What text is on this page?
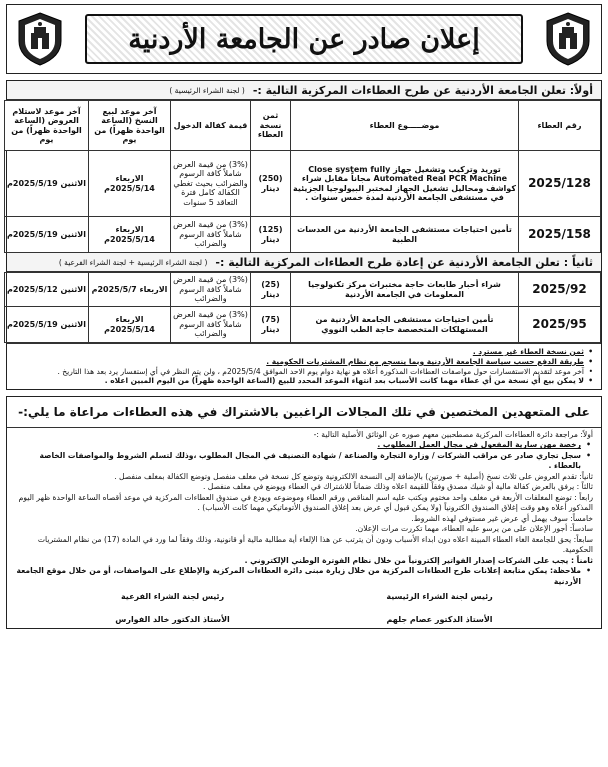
إعلان صادر عن الجامعة الأردنية
أولاً: تعلن الجامعة الأردنية عن طرح العطاءات المركزية التالية :-
( لجنة الشراء الرئيسية )
رقم العطاء	موضـــــوع العطاء	ثمن نسخة العطاء	قيمة كفالة الدخول	آخر موعد لبيع النسخ (الساعة الواحدة ظهراً) من يوم	آخر موعد لاستلام العروض (الساعة الواحدة ظهراً) من يوم
2025/128	توريد وتركيب وتشغيل جهاز Close system fully Automated Real PCR Machine مجاناً مقابل شراء كواشف ومحاليل تشغيل الجهاز لمختبر البيولوجيا الجزيئية في مستشفى الجامعة الأردنية لمدة خمس سنوات .	(250) دينار	(3%) من قيمة العرض شاملاً كافة الرسوم والضرائب بحيث تغطي الكفالة كامل فترة التعاقد 5 سنوات	الاربعاء 2025/5/14م	الاثنين 2025/5/19م
2025/158	تأمين احتياجات مستشفى الجامعة الأردنية من العدسات الطبية	(125) دينار	(3%) من قيمة العرض شاملاً كافة الرسوم والضرائب	الاربعاء 2025/5/14م	الاثنين 2025/5/19م
ثانياً : تعلن الجامعة الأردنية عن إعادة طرح العطاءات المركزية التالية :-
( لجنة الشراء الرئيسية + لجنة الشراء الفرعية )
2025/92	شراء أحبار طابعات حاجة مختبرات مركز تكنولوجيا المعلومات في الجامعة الأردنية	(25) دينار	(3%) من قيمة العرض شاملاً كافة الرسوم والضرائب	الاربعاء 2025/5/7م	الاثنين 2025/5/12م
2025/95	تأمين احتياجات مستشفى الجامعة الأردنية من المستهلكات المتخصصة حاجة الطب النووي	(75) دينار	(3%) من قيمة العرض شاملاً كافة الرسوم والضرائب	الاربعاء 2025/5/14م	الاثنين 2025/5/19م
• ثمن نسخة العطاء غير مسترد .
• طريقة الدفع حسب سياسة الجامعة الأردنية وبما ينسجم مع نظام المشتريات الحكومية .
• آخر موعد لتقديم الاستفسارات حول مواصفات العطاءات المذكورة أعلاه هو نهاية دوام يوم الاحد الموافق 2025/5/4م ، ولن يتم النظر في أي إستفسار يرد بعد هذا التاريخ .
• لا يمكن بيع أي نسخة من أي عطاء مهما كانت الأسباب بعد انتهاء الموعد المحدد للبيع (الساعة الواحدة ظهراً) من اليوم المبين اعلاه .
على المتعهدين المختصين في تلك المجالات الراغبين بالاشتراك في هذه العطاءات مراعاة ما يلي:-

أولاً: مراجعة دائرة العطاءات المركزية مصطحبين معهم صوره عن الوثائق الأصلية التالية :-

• رخصة مهن سارية المفعول في مجال العمل المطلوب .

• سجل تجاري صادر عن مراقب الشركات / وزارة التجارة والصناعة / شهادة التصنيف في المجال المطلوب ،وذلك لتسلم الشروط والمواصفات الخاصة بالعطاء .

ثانياً: تقدم العروض على ثلاث نسخ (أصلية + صورتين) بالإضافة إلى النسخة الالكترونية وتوضع كل نسخة في مغلف منفصل وتوضع الكفالة بمغلف منفصل .

ثالثاً : يرفق بالعرض كفالة مالية أو شيك مصدق وفقاً للقيمة اعلاه وذلك ضماناً للاشتراك في العطاء ويوضع في مغلف منفصل .

رابعاً : توضع المغلفات الأربعة في مغلف واحد مختوم ويكتب عليه اسم المناقص ورقم العطاء وموضوعه ويودع في صندوق العطاءات المركزية في موعد أقصاه الساعة الواحدة ظهر اليوم المذكور أعلاه وهو وقت إغلاق الصندوق الكترونياً (ولا يمكن قبول أي عرض بعد إغلاق الصندوق الأتوماتيكي مهما كانت الأسباب) .

خامساً: سوف يهمل أي عرض غير مستوفي لهذه الشروط.

سادساً: أجور الإعلان على من يرسو عليه العطاء، مهما تكررت مرات الإعلان.

سابعاً: يحق للجامعة الغاء العطاء المبينة اعلاه دون ابداء الأسباب ودون أن يترتب عن هذا الإلغاء أية مطالبة مالية أو قانونية، وذلك وفقاً لما ورد في المادة (17) من نظام المشتريات الحكومية.

ثامناً : يجب على الشركات إصدار الفواتير إلكترونياً من خلال نظام الفوترة الوطني الإلكتروني .

• ملاحظة: يمكن متابعة إعلانات طرح العطاءات المركزية من خلال زيارة مبنى دائرة العطاءات المركزية والإطلاع على المواصفات، أو من خلال موقع الجامعة الأردنية

رئيس لجنة الشراء الرئيسية

الأستاذ الدكتور عصام جلهم

رئيس لجنة الشراء الفرعية

الأستاذ الدكتور خالد الفوارس
